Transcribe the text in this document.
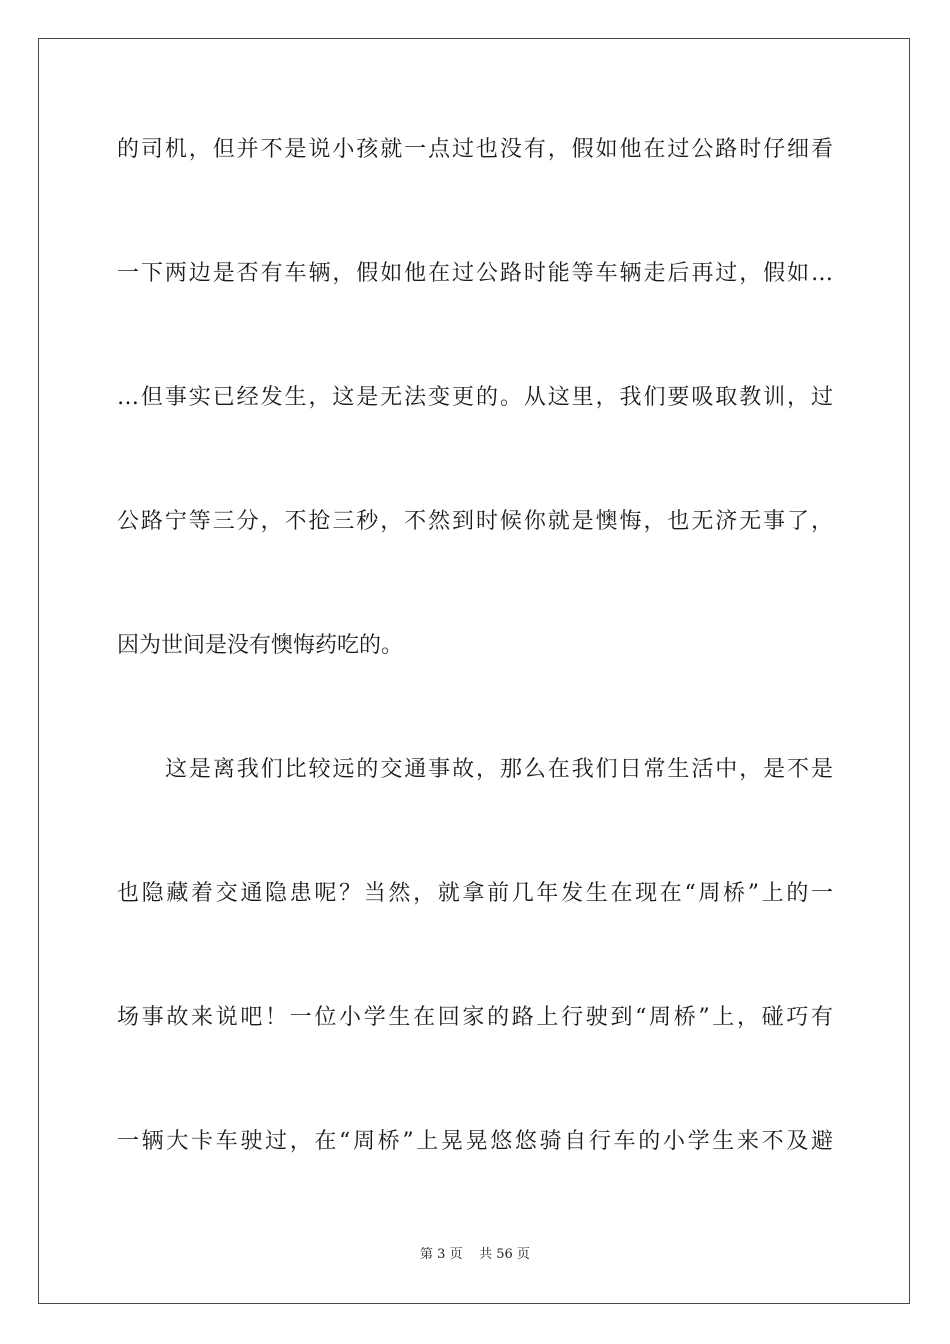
的司机，但并不是说小孩就一点过也没有，假如他在过公路时仔细看
一下两边是否有车辆，假如他在过公路时能等车辆走后再过，假如…
…但事实已经发生，这是无法变更的。从这里，我们要吸取教训，过
公路宁等三分，不抢三秒，不然到时候你就是懊悔，也无济无事了，
因为世间是没有懊悔药吃的。
这是离我们比较远的交通事故，那么在我们日常生活中，是不是
也隐藏着交通隐患呢？当然，就拿前几年发生在现在“周桥”上的一
场事故来说吧！一位小学生在回家的路上行驶到“周桥”上，碰巧有
一辆大卡车驶过，在“周桥”上晃晃悠悠骑自行车的小学生来不及避
第 3 页 共 56 页
